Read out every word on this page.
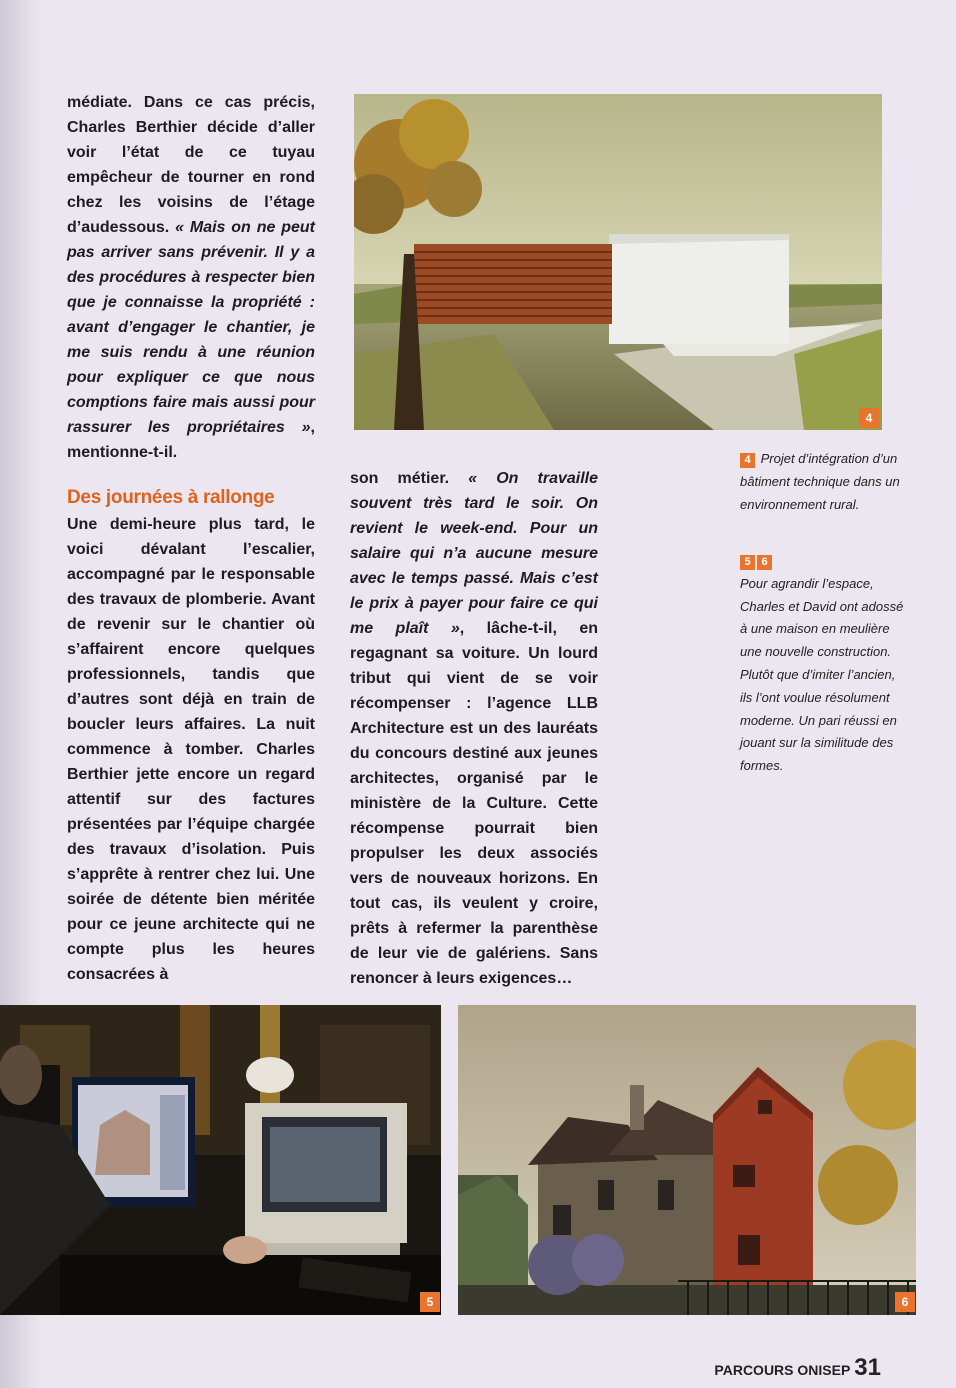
médiate. Dans ce cas précis, Charles Berthier décide d’aller voir l’état de ce tuyau empêcheur de tourner en rond chez les voisins de l’étage d’audessous. « Mais on ne peut pas arriver sans prévenir. Il y a des procédures à respecter bien que je connaisse la propriété : avant d’engager le chantier, je me suis rendu à une réunion pour expliquer ce que nous comptions faire mais aussi pour rassurer les propriétaires », mentionne-t-il.

Des journées à rallonge

Une demi-heure plus tard, le voici dévalant l’escalier, accompagné par le responsable des travaux de plomberie. Avant de revenir sur le chantier où s’affairent encore quelques professionnels, tandis que d’autres sont déjà en train de boucler leurs affaires. La nuit commence à tomber. Charles Berthier jette encore un regard attentif sur des factures présentées par l’équipe chargée des travaux d’isolation. Puis s’apprête à rentrer chez lui. Une soirée de détente bien méritée pour ce jeune architecte qui ne compte plus les heures consacrées à

son métier. « On travaille souvent très tard le soir. On revient le week-end. Pour un salaire qui n’a aucune mesure avec le temps passé. Mais c’est le prix à payer pour faire ce qui me plaît », lâche-t-il, en regagnant sa voiture. Un lourd tribut qui vient de se voir récompenser : l’agence LLB Architecture est un des lauréats du concours destiné aux jeunes architectes, organisé par le ministère de la Culture. Cette récompense pourrait bien propulser les deux associés vers de nouveaux horizons. En tout cas, ils veulent y croire, prêts à refermer la parenthèse de leur vie de galériens. Sans renoncer à leurs exigences…

4
4 Projet d’intégration d’un bâtiment technique dans un environnement rural.
5 6
Pour agrandir l’espace, Charles et David ont adossé à une maison en meulière une nouvelle construction. Plutôt que d’imiter l’ancien, ils l’ont voulue résolument moderne. Un pari réussi en jouant sur la similitude des formes.
5	6
PARCOURS ONISEP 31
